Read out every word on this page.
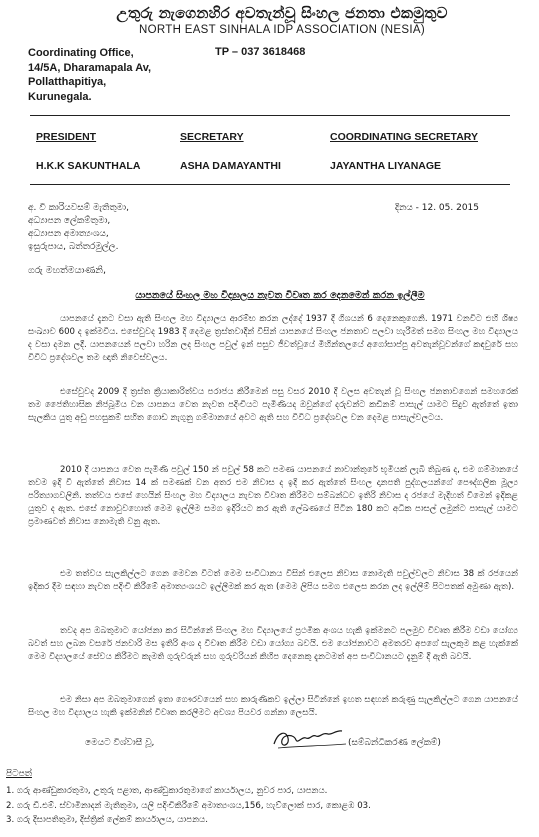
උතුරු නැගෙනහිර අවතැන්වූ සිංහල ජනතා එකමුතුව
NORTH EAST SINHALA IDP ASSOCIATION (NESIA)
Coordinating Office,
14/5A, Dharamapala Av,
Pollatthapitiya,
Kurunegala.
TP – 037 3618468
PRESIDENT	SECRETARY	COORDINATING SECRETARY
H.K.K SAKUNTHALA	ASHA DAMAYANTHI	JAYANTHA LIYANAGE
අ. වි කාරියවසම් මැතිතුමා,
අධ්‍යාපන ලේකම්තුමා,
අධ්‍යාපන අමාත්‍යංශය,
ඉසුරුපාය, බත්තරමුල්ල.
දිනය - 12. 05. 2015
ගරු මහත්මයාණනි,
යාපනයේ සිංහල මහ විද්‍යාලය නැවත විවෘත කර දෙනමෙන් කරන ඉල්ලීම

යාපනයේ දැනට වසා ඇති සිංහල මහ විද්‍යාලය ආරම්භ කරන ලද්දේ 1937 දී ගිශයන් 6 දෙනෙකුගෙනි. 1971 වනවිට එහි ශිෂ්‍ය සංඛ්‍යාව 600 ද ඉක්මවිය. එසේවුවද 1983 දී දෙමළ ත්‍රස්තවාදීන් විසින් යාපනයේ සිංහල ජනතාව පලවා හැරීමත් සමග සිංහල මහ විද්‍යාලය ද වසා දමන ලදී. යාපනයෙන් පලවා හරින ලද සිංහල පවුල් ඉන් පසුව ජීවත්වූයේ මිහින්තලයේ අගෝසාප්පු අවතැන්වූවන්ගේ කඳවුරේ සහ විවිධ ප්‍රදේශවල තම ඥාති නිවෙස්වලය.

එසේවුවද 2009 දී ත්‍රස්ත ක්‍රියාකාරිත්වය පරාජය කිරීමෙන් පසු වසර 2010 දී වලස අවතැන් වූ සිංහල ජනතාවගෙන් සමහරෙක් තම ජෛතිහාසික නිජබූමිය වන යාපනය වෙත නැවත පදිංචියට පැමිණියද ඔවුන්ගේ දරුවන්ට කඩිනම් පාසැල් යාමට සිදුව ඇත්තේ ඉතා සැලකිය යුතු අඩු පහසුකම් සහිත ගොඩ නැගුනු ගම්මානයේ අවට ඇති සහ විවිධ ප්‍රදේශවල වන දෙමළ පාසැල්වලටය.

2010 දී යාපනය වෙත පැමිණි පවුල් 150 න් පවුල් 58 කට පමණ යාපනයේ නාවාන්තුරේ භූමියක් ලැබී තිබුණ ද, එම ගම්මානයේ තවම ඉදි වී ඇත්තේ නිවාස 14 ක් පමණක් වන අතර එම නිවාස ද ඉදි කර ඇත්තේ සිංහල දානපති පුද්ගලයන්ගේ පෞද්ගලික මූල්‍ය පරිත්‍යාගවලිනි. තත්වය එසේ හෙයින් සිංහල මහ විද්‍යාලය නැවත විවෘත කිරීමට සම්බන්ධව ඉතිරි නිවාස ද රජයේ මැදිහත් වීමෙන් ඉදිකළ යුතුව ද ඇත. එසේ නොවුවහොත් මෙම ඉල්ලීම සමග ඉදිරියට කර ඇති ලේඛණයේ පිටින 180 කට අධික පාසල් ලමුන්ට පාසැල් යාමට ප්‍රමාණවත් නිවාස නොමැති වනු ඇත.

එම තත්වය සැලකිල්ලට ගෙන මෙවන විටත් මෙම සංවිධානය විසින් එලෙස නිවාස නොමැති පවුල්වලට නිවාස 38 ක් රජයෙන් ඉදිකර දීම සඳහා නැවත පදිංචි කිරීමේ අමාත්‍යංශයට ඉල්ලීමක් කර ඇත (මෙම ලිපිය සමග එලෙස කරන ලද ඉල්ලීම් පිටපතක් අමුණා ඇත).

තවද අප ඔබතුමාට යෝජනා කර සිටින්නේ සිංහල මහ විද්‍යාලයේ ප්‍රථමික අංශය හැකි ඉක්මනට පලමුව විවෘත කිරීම වඩා යෝග්‍ය බවත් සහ ලබන වසරේ ජනවාරි මස ඉතිරි අංශ ද විවෘත කිරීම වඩා යෝග්‍ය බවයි. එම යෝජනාවට අමතරව අපගේ සැලකුම කළ හැක්කේ මෙම විද්‍යාලයේ සේවය කිරීමට කැමති ගුරුවරුන් සහ ගුරුවරියන් කිහිප දෙනෙකු දැනටමත් අප සංවිධානයට දැනුම් දී ඇති බවයි.

එම නිසා අප ඔබතුමාගෙන් ඉතා ගෞරවයෙන් සහ කාරුණිකව ඉල්ලා සිටින්නේ ඉහත සඳහන් කරුණු සැලකිල්ලට ගෙන යාපනයේ සිංහල මහ විද්‍යාලය හැකි ඉක්මනින් විවෘත කරලීමට අවශ්‍ය පියවර ගන්නා ලෙසයි.

මෙයට විශ්වාසී වූ,	(සම්බන්ධීකරණ ලේකම්)
පිටපත්
1. ගරු ආණ්ඩුකාරතුමා, උතුරු පළාත, ආණ්ඩුකාරතුමාගේ කාර්යාලය, නුවර පාර, යාපනය.
2. ගරු ඩී.එම්. ස්වාමිනාදන් මැතිතුමා, යලි පදිංචිකිරීමේ අමාත්‍යංශය,156, හැව්ලොක් පාර, කොළඹ 03.
3. ගරු දිසාපතිතුමා, දිස්ත්‍රික් ලේකම් කාර්යාලය, යාපනය.
